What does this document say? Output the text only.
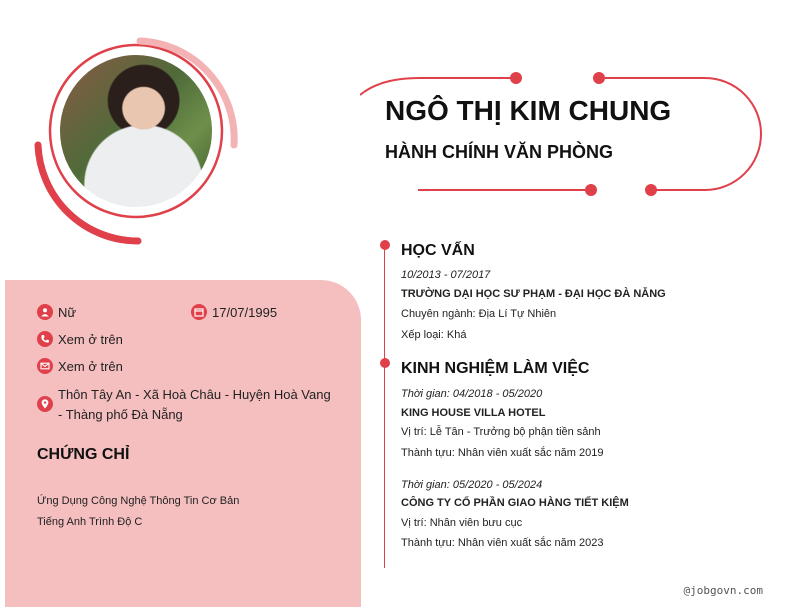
NGÔ THỊ KIM CHUNG
HÀNH CHÍNH VĂN PHÒNG
Nữ	17/07/1995
Xem ở trên
Xem ở trên
Thôn Tây An - Xã Hoà Châu - Huyện Hoà Vang - Thàng phố Đà Nẵng
CHỨNG CHỈ
Ứng Dụng Công Nghệ Thông Tin Cơ Bản
Tiếng Anh Trình Độ C
HỌC VẤN
10/2013 - 07/2017
TRƯỜNG DẠI HỌC SƯ PHẠM - ĐẠI HỌC ĐÀ NẴNG
Chuyên ngành: Địa Lí Tự Nhiên
Xếp loại: Khá
KINH NGHIỆM LÀM VIỆC
Thời gian: 04/2018 - 05/2020
KING HOUSE VILLA HOTEL
Vị trí: Lễ Tân - Trưởng bộ phận tiền sảnh
Thành tựu: Nhân viên xuất sắc năm 2019
Thời gian: 05/2020 - 05/2024
CÔNG TY CỔ PHẦN GIAO HÀNG TIẾT KIỆM
Vị trí: Nhân viên bưu cục
Thành tựu: Nhân viên xuất sắc năm 2023
@jobgovn.com
